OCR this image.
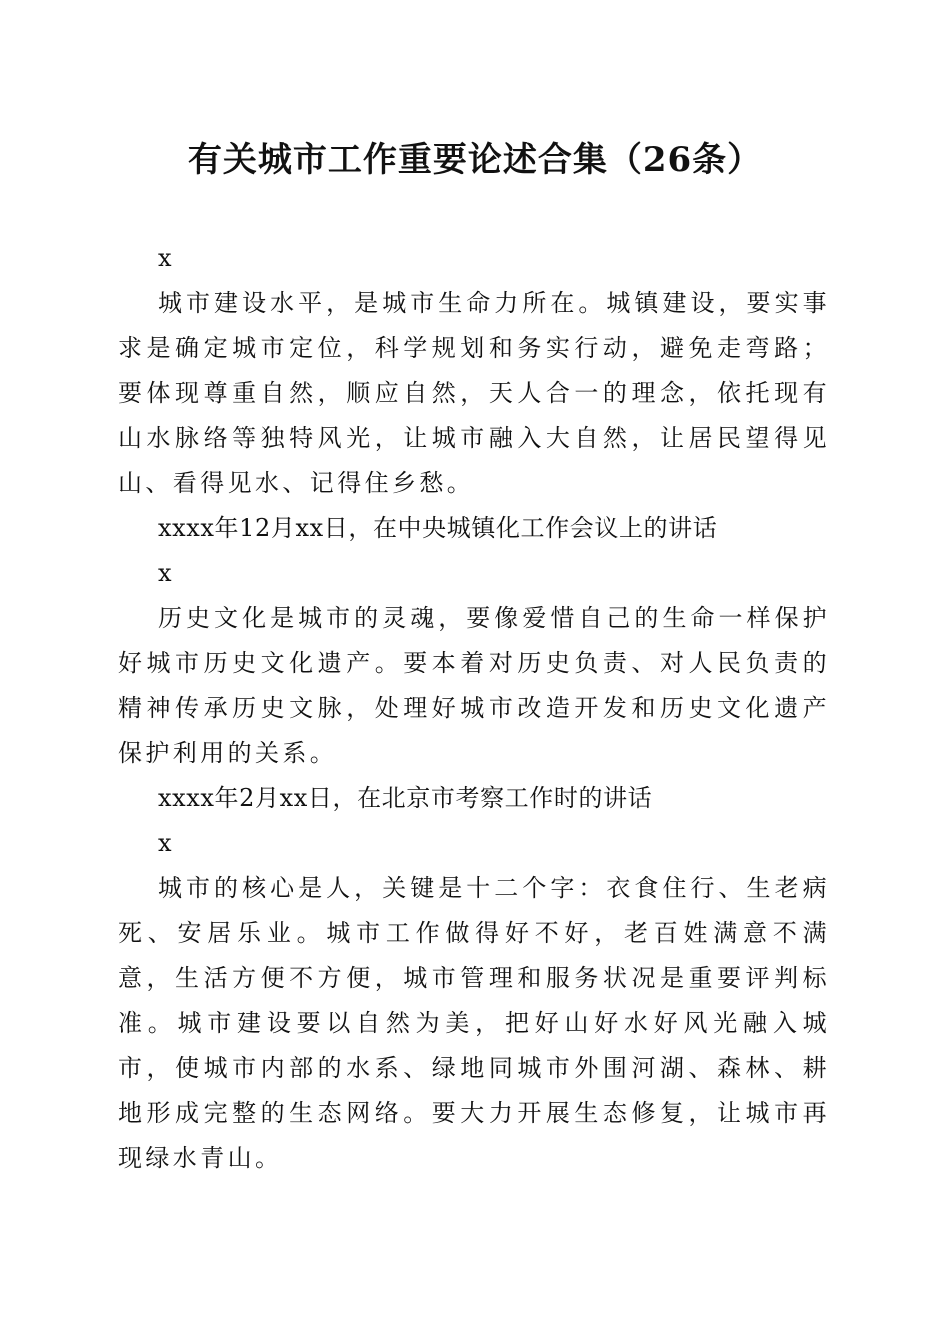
有关城市工作重要论述合集（26条）

x

城市建设水平，是城市生命力所在。城镇建设，要实事求是确定城市定位，科学规划和务实行动，避免走弯路；要体现尊重自然，顺应自然，天人合一的理念，依托现有山水脉络等独特风光，让城市融入大自然，让居民望得见山、看得见水、记得住乡愁。

xxxx年12月xx日，在中央城镇化工作会议上的讲话

x

历史文化是城市的灵魂，要像爱惜自己的生命一样保护好城市历史文化遗产。要本着对历史负责、对人民负责的精神传承历史文脉，处理好城市改造开发和历史文化遗产保护利用的关系。

xxxx年2月xx日，在北京市考察工作时的讲话

x

城市的核心是人，关键是十二个字：衣食住行、生老病死、安居乐业。城市工作做得好不好，老百姓满意不满意，生活方便不方便，城市管理和服务状况是重要评判标准。城市建设要以自然为美，把好山好水好风光融入城市，使城市内部的水系、绿地同城市外围河湖、森林、耕地形成完整的生态网络。要大力开展生态修复，让城市再现绿水青山。
